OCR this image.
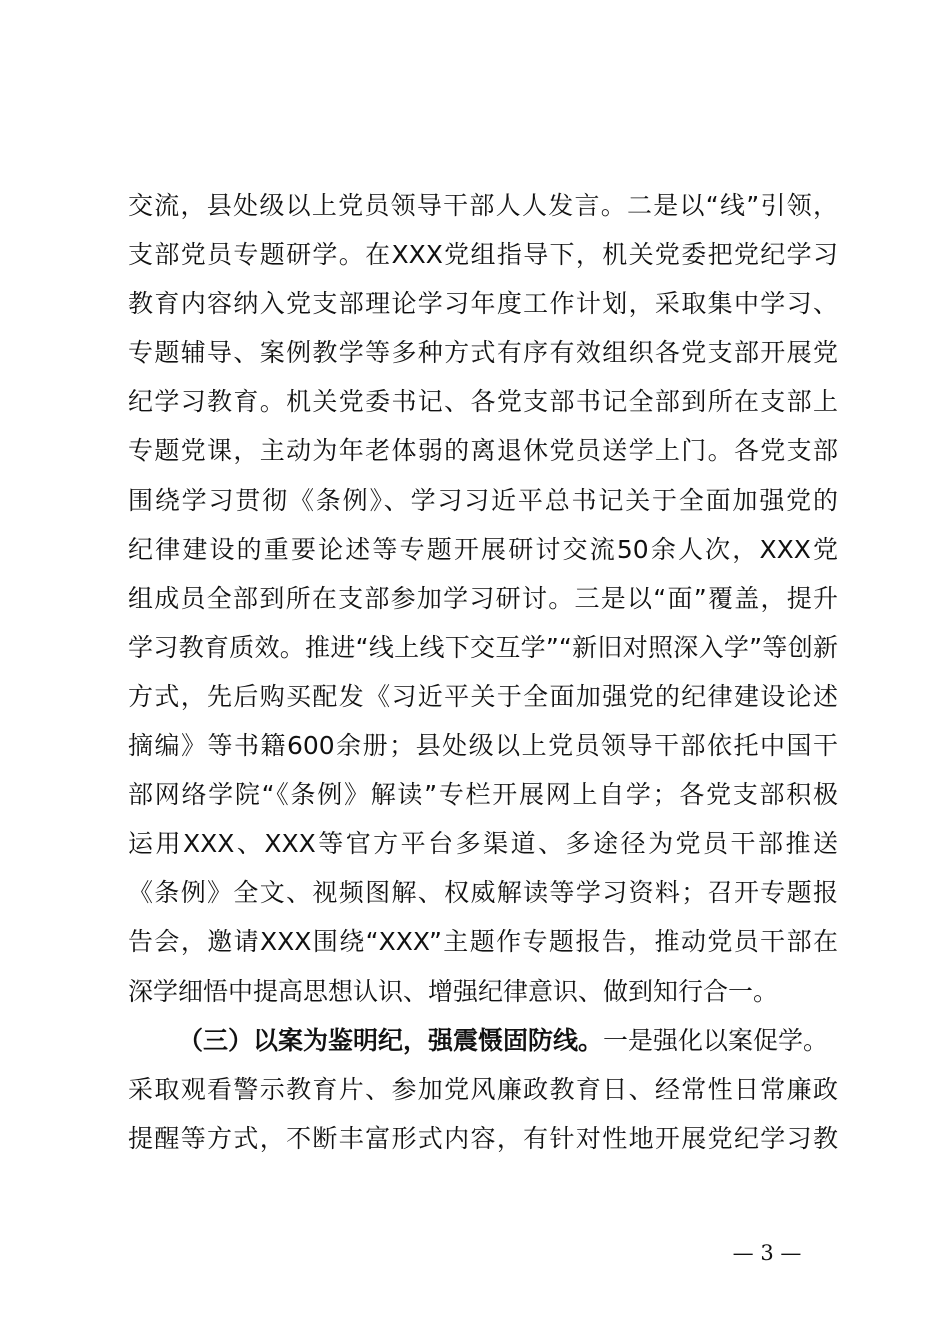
交流，县处级以上党员领导干部人人发言。二是以“线”引领，
支部党员专题研学。在XXX党组指导下，机关党委把党纪学习
教育内容纳入党支部理论学习年度工作计划，采取集中学习、
专题辅导、案例教学等多种方式有序有效组织各党支部开展党
纪学习教育。机关党委书记、各党支部书记全部到所在支部上
专题党课，主动为年老体弱的离退休党员送学上门。各党支部
围绕学习贯彻《条例》、学习习近平总书记关于全面加强党的
纪律建设的重要论述等专题开展研讨交流50余人次，XXX党
组成员全部到所在支部参加学习研讨。三是以“面”覆盖，提升
学习教育质效。推进“线上线下交互学”“新旧对照深入学”等创新
方式，先后购买配发《习近平关于全面加强党的纪律建设论述
摘编》等书籍600余册；县处级以上党员领导干部依托中国干
部网络学院“《条例》解读”专栏开展网上自学；各党支部积极
运用XXX、XXX等官方平台多渠道、多途径为党员干部推送
《条例》全文、视频图解、权威解读等学习资料；召开专题报
告会，邀请XXX围绕“XXX”主题作专题报告，推动党员干部在
深学细悟中提高思想认识、增强纪律意识、做到知行合一。
（三）以案为鉴明纪，强震慑固防线。一是强化以案促学。
采取观看警示教育片、参加党风廉政教育日、经常性日常廉政
提醒等方式，不断丰富形式内容，有针对性地开展党纪学习教
— 3 —
